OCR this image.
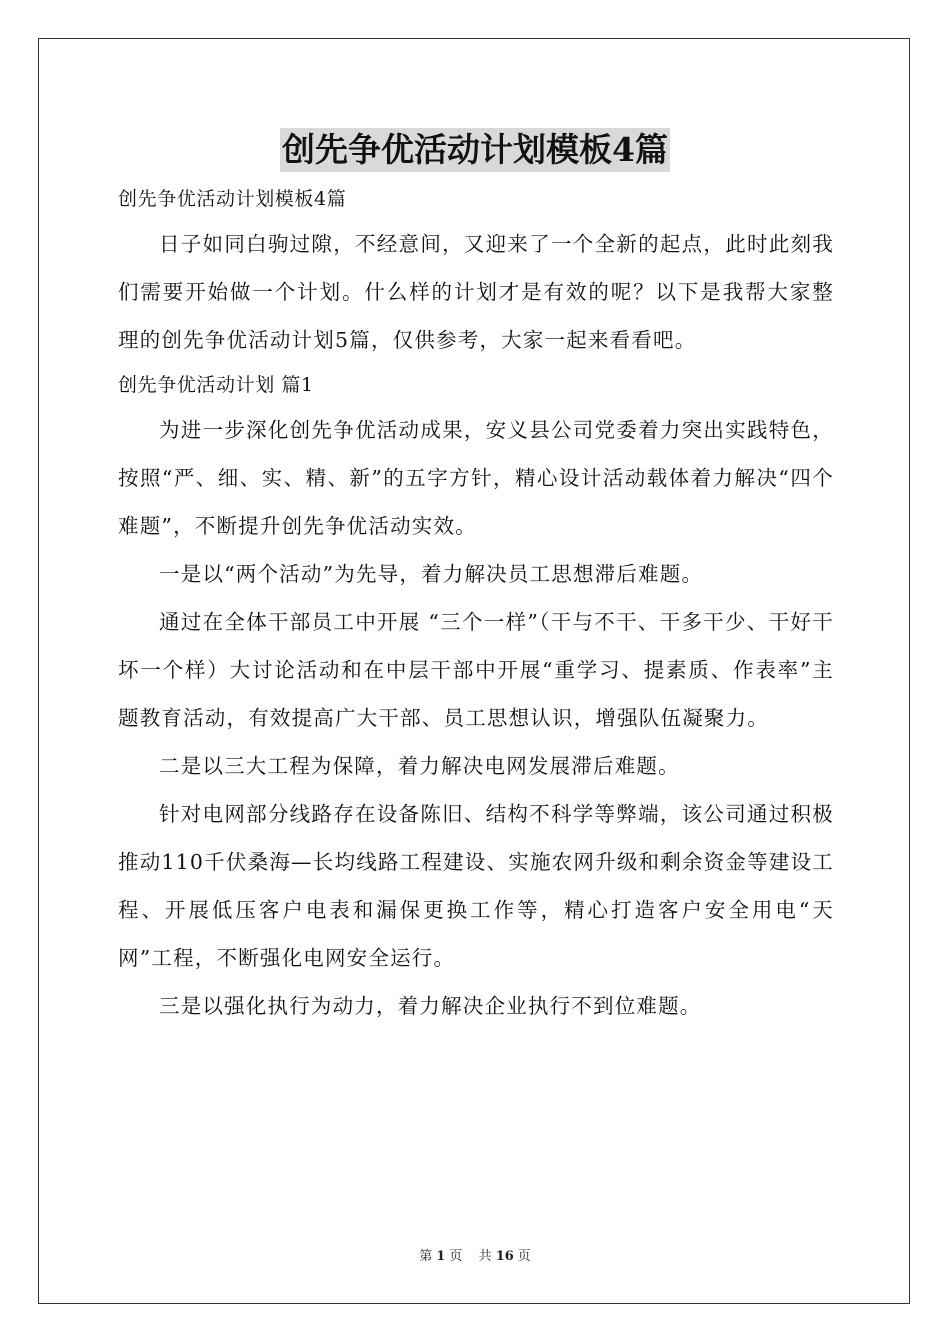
创先争优活动计划模板4篇

创先争优活动计划模板4篇

日子如同白驹过隙，不经意间，又迎来了一个全新的起点，此时此刻我们需要开始做一个计划。什么样的计划才是有效的呢？以下是我帮大家整理的创先争优活动计划5篇，仅供参考，大家一起来看看吧。

创先争优活动计划 篇1

为进一步深化创先争优活动成果，安义县公司党委着力突出实践特色，按照“严、细、实、精、新”的五字方针，精心设计活动载体着力解决“四个难题”，不断提升创先争优活动实效。

一是以“两个活动”为先导，着力解决员工思想滞后难题。

通过在全体干部员工中开展 “三个一样”（干与不干、干多干少、干好干坏一个样）大讨论活动和在中层干部中开展“重学习、提素质、作表率”主题教育活动，有效提高广大干部、员工思想认识，增强队伍凝聚力。

二是以三大工程为保障，着力解决电网发展滞后难题。

针对电网部分线路存在设备陈旧、结构不科学等弊端，该公司通过积极推动110千伏桑海—长均线路工程建设、实施农网升级和剩余资金等建设工程、开展低压客户电表和漏保更换工作等，精心打造客户安全用电“天网”工程，不断强化电网安全运行。

三是以强化执行为动力，着力解决企业执行不到位难题。

第 1 页 共 16 页
